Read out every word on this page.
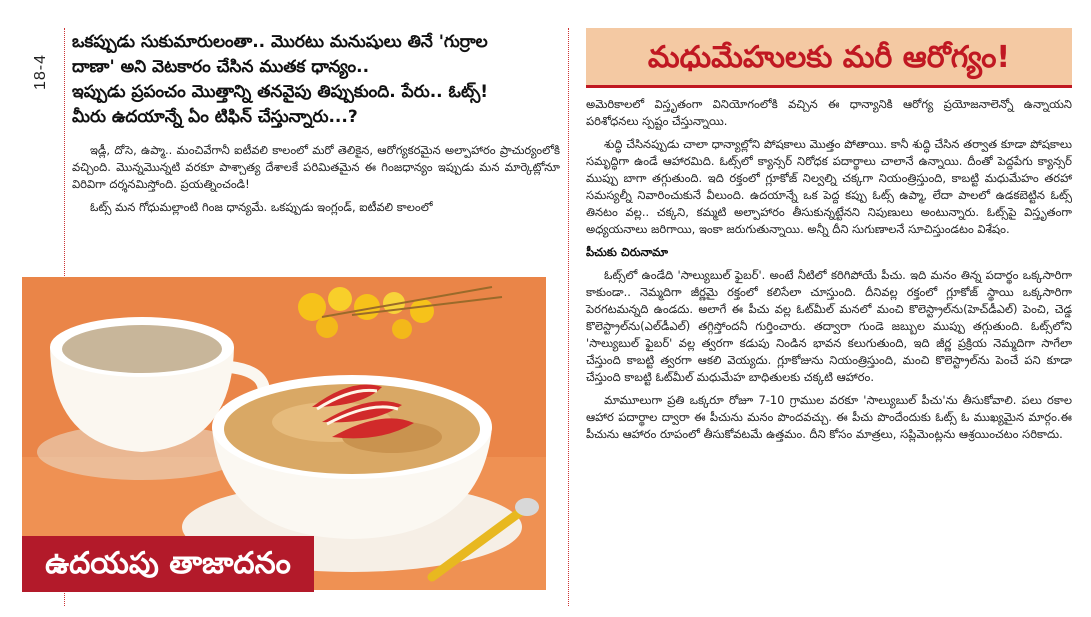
18-4

ఒకప్పుడు సుకుమారులంతా.. మొరటు మనుషులు తినే 'గుర్రాల

దాణా' అని వెటకారం చేసిన ముతక ధాన్యం..

ఇప్పుడు ప్రపంచం మొత్తాన్ని తనవైపు తిప్పుకుంది. పేరు.. ఓట్స్!

మీరు ఉదయాన్నే ఏం టిఫిన్ చేస్తున్నారు...?

ఇడ్లీ, దోసె, ఉప్మా.. మంచివేగానీ ఐటీవలి కాలంలో మరో తెలికైన, ఆరోగ్యకరమైన అల్పాహారం ప్రాచుర్యంలోకి వచ్చింది. మొన్నమొన్నటి వరకూ పాశ్చాత్య దేశాలకే పరిమితమైన ఈ గింజధాన్యం ఇప్పుడు మన మార్కెట్లోనూ విరివిగా దర్శనమిస్తోంది. ప్రయత్నించండి!

ఓట్స్ మన గోధుమల్లాంటి గింజ ధాన్యమే. ఒకప్పుడు ఇంగ్లండ్, ఐటీవలి కాలంలో

ఉదయపు తాజాదనం
మధుమేహులకు మరీ ఆరోగ్యం!

అమెరికాలలో విస్తృతంగా వినియోగంలోకి వచ్చిన ఈ ధాన్యానికి ఆరోగ్య ప్రయోజనాలెన్నో ఉన్నాయని పరిశోధనలు స్పష్టం చేస్తున్నాయి.

శుద్ధి చేసినప్పుడు చాలా ధాన్యాల్లోని పోషకాలు మొత్తం పోతాయి. కానీ శుద్ధి చేసిన తర్వాత కూడా పోషకాలు సమృద్ధిగా ఉండే ఆహారమిది. ఓట్స్‌లో క్యాన్సర్ నిరోధక పదార్థాలు చాలానే ఉన్నాయి. దీంతో పెద్దపేగు క్యాన్సర్ ముప్పు బాగా తగ్గుతుంది. ఇది రక్తంలో గ్లూకోజ్ నిల్వల్ని చక్కగా నియంత్రిస్తుంది, కాబట్టి మధుమేహం తరహా సమస్యల్నీ నివారించుకునే వీలుంది. ఉదయాన్నే ఒక పెద్ద కప్పు ఓట్స్ ఉప్మా, లేదా పాలలో ఉడకబెట్టిన ఓట్స్ తినటం వల్ల.. చక్కని, కమ్మటి అల్పాహారం తీసుకున్నట్టేనని నిపుణులు అంటున్నారు. ఓట్స్‌పై విస్తృతంగా అధ్యయనాలు జరిగాయి, ఇంకా జరుగుతున్నాయి. అన్నీ దీని సుగుణాలనే సూచిస్తుండటం విశేషం.

పీచుకు చిరునామా

ఓట్స్‌లో ఉండేది 'సాల్యుబుల్ ఫైబర్'. అంటే నీటిలో కరిగిపోయే పీచు. ఇది మనం తిన్న పదార్థం ఒక్కసారిగా కాకుండా.. నెమ్మదిగా జీర్ణమై రక్తంలో కలిసేలా చూస్తుంది. దీనివల్ల రక్తంలో గ్లూకోజ్ స్థాయి ఒక్కసారిగా పెరగటమన్నది ఉండదు. అలాగే ఈ పీచు వల్ల ఓట్‌మీల్ మనలో మంచి కొలెస్ట్రాల్‌ను(హెచ్‌డీఎల్) పెంచి, చెడ్డ కొలెస్ట్రాల్‌ను(ఎల్‌డీఎల్) తగ్గిస్తోందనీ గుర్తించారు. తద్వారా గుండె జబ్బుల ముప్పు తగ్గుతుంది. ఓట్స్‌లోని 'సాల్యుబుల్ ఫైబర్' వల్ల త్వరగా కడుపు నిండిన భావన కలుగుతుంది, ఇది జీర్ణ ప్రక్రియ నెమ్మదిగా సాగేలా చేస్తుంది కాబట్టి త్వరగా ఆకలి వెయ్యదు. గ్లూకోజును నియంత్రిస్తుంది, మంచి కొలెస్ట్రాల్‌ను పెంచే పని కూడా చేస్తుంది కాబట్టి ఓట్‌మీల్ మధుమేహ బాధితులకు చక్కటి ఆహారం.

మామూలుగా ప్రతి ఒక్కరూ రోజూ 7-10 గ్రాముల వరకూ 'సాల్యుబుల్ పీచు'ను తీసుకోవాలి. పలు రకాల ఆహార పదార్థాల ద్వారా ఈ పీచును మనం పొందవచ్చు. ఈ పీచు పొందేందుకు ఓట్స్ ఓ ముఖ్యమైన మార్గం.ఈ పీచును ఆహారం రూపంలో తీసుకోవటమే ఉత్తమం. దీని కోసం మాత్రలు, సప్లిమెంట్లను ఆశ్రయించటం సరికాదు.
